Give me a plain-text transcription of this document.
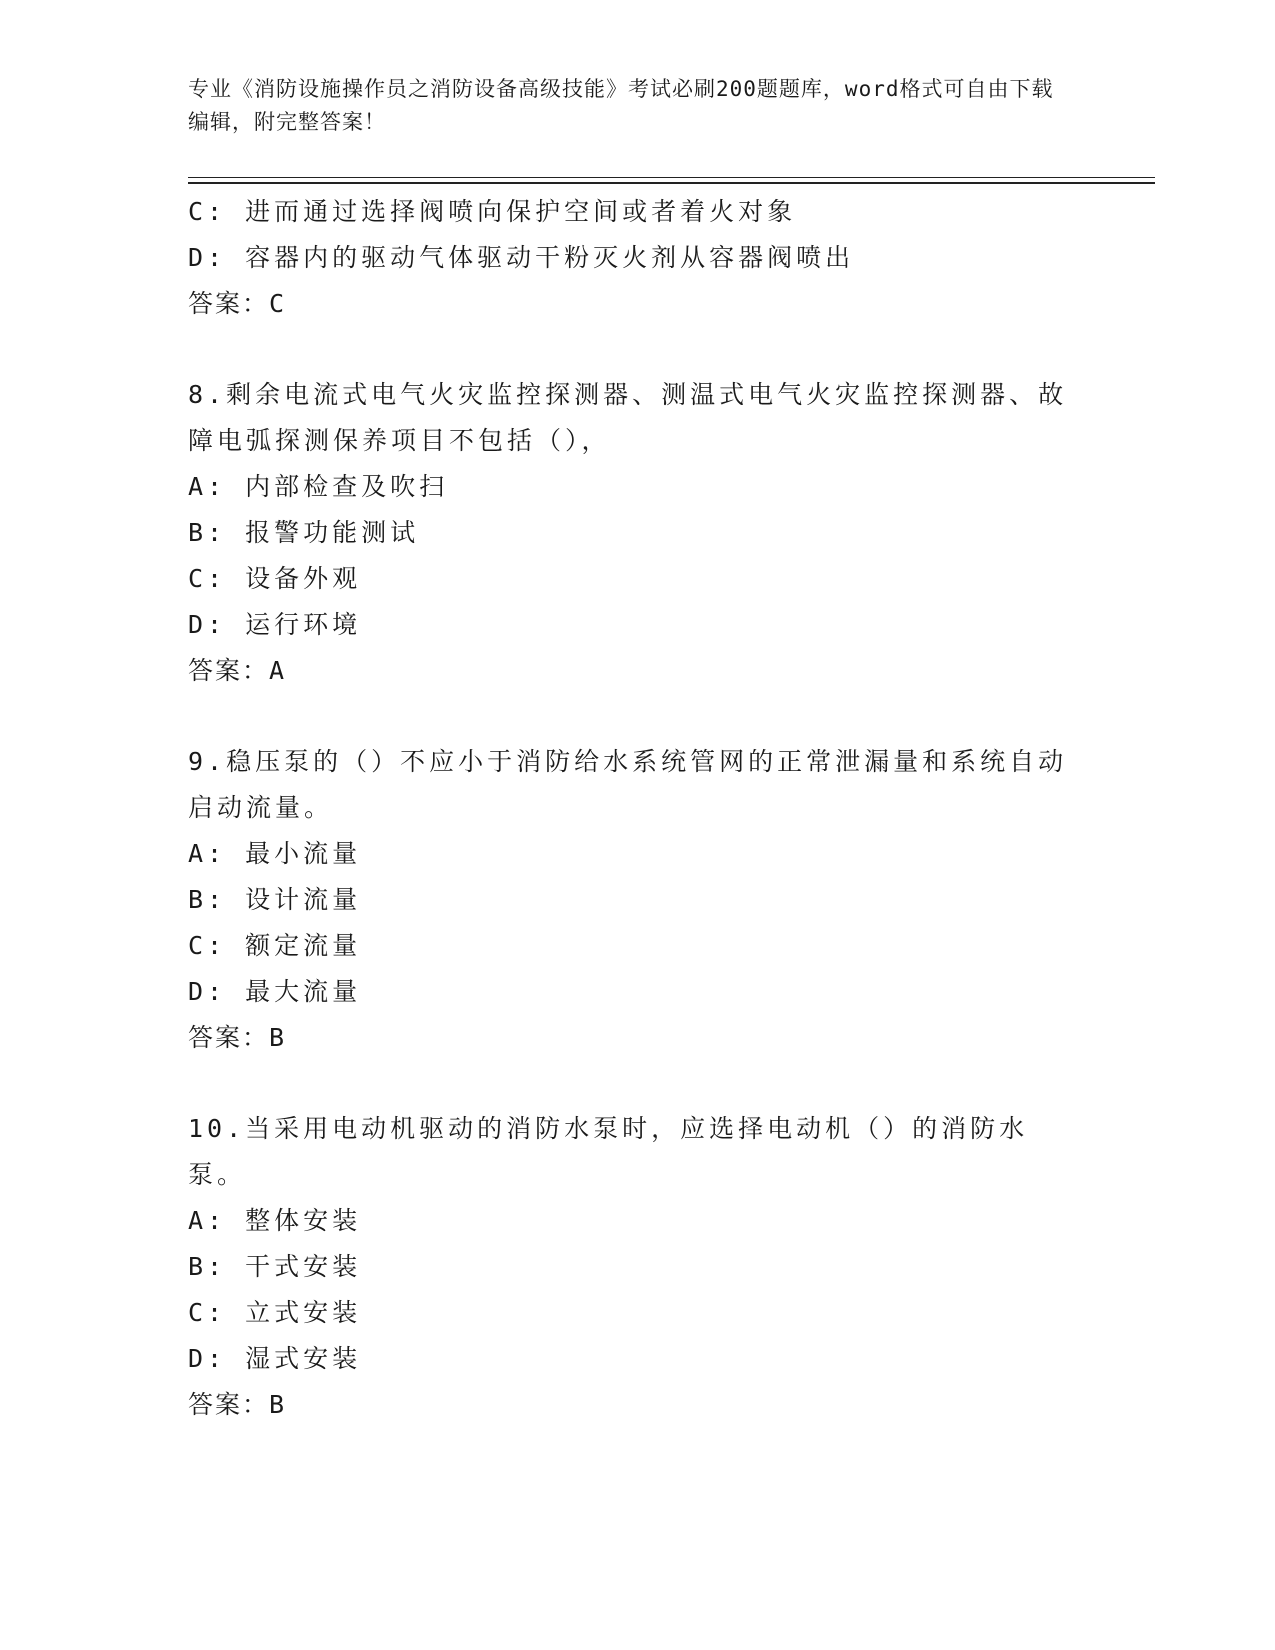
专业《消防设施操作员之消防设备高级技能》考试必刷200题题库，word格式可自由下载编辑，附完整答案！

C: 进而通过选择阀喷向保护空间或者着火对象

D: 容器内的驱动气体驱动干粉灭火剂从容器阀喷出

答案：C

8.剩余电流式电气火灾监控探测器、测温式电气火灾监控探测器、故障电弧探测保养项目不包括（），

A: 内部检查及吹扫

B: 报警功能测试

C: 设备外观

D: 运行环境

答案：A

9.稳压泵的（）不应小于消防给水系统管网的正常泄漏量和系统自动启动流量。

A: 最小流量

B: 设计流量

C: 额定流量

D: 最大流量

答案：B

10.当采用电动机驱动的消防水泵时，应选择电动机（）的消防水泵。

A: 整体安装

B: 干式安装

C: 立式安装

D: 湿式安装

答案：B
